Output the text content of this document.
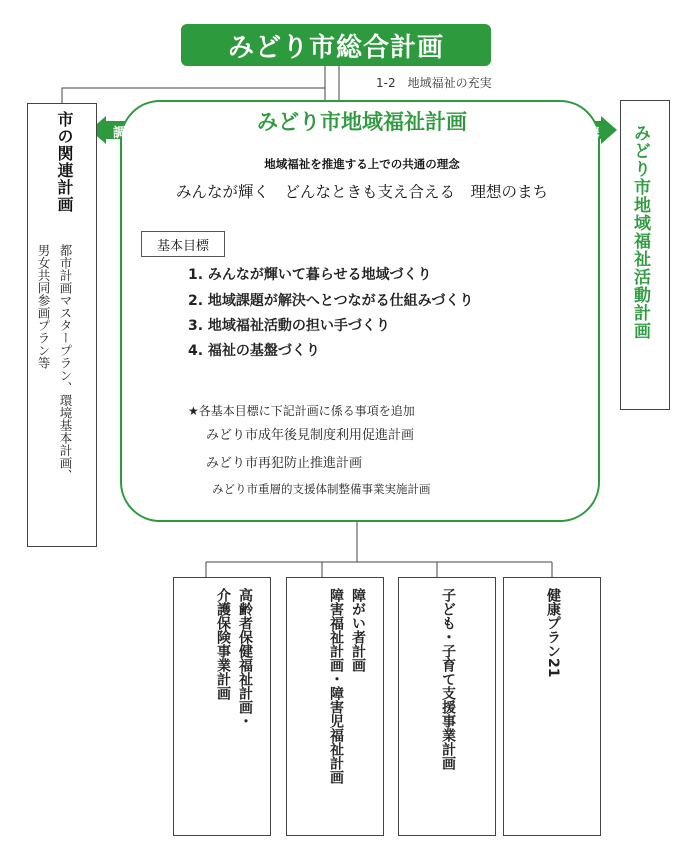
みどり市総合計画
1-2　地域福祉の充実
みどり市地域福祉計画
地域福祉を推進する上での共通の理念
みんなが輝く　どんなときも支え合える　理想のまち
基本目標
1. みんなが輝いて暮らせる地域づくり
2. 地域課題が解決へとつながる仕組みづくり
3. 地域福祉活動の担い手づくり
4. 福祉の基盤づくり
★各基本目標に下記計画に係る事項を追加
みどり市成年後見制度利用促進計画
みどり市再犯防止推進計画
みどり市重層的支援体制整備事業実施計画
市の関連計画
都市計画マスタープラン、環境基本計画、
男女共同参画プラン等
調和	みどり市地域福祉活動計画
連携
高齢者保健福祉計画・
介護保険事業計画	障がい者計画
障害福祉計画・障害児福祉計画	子ども・子育て支援事業計画	健康プラン21
